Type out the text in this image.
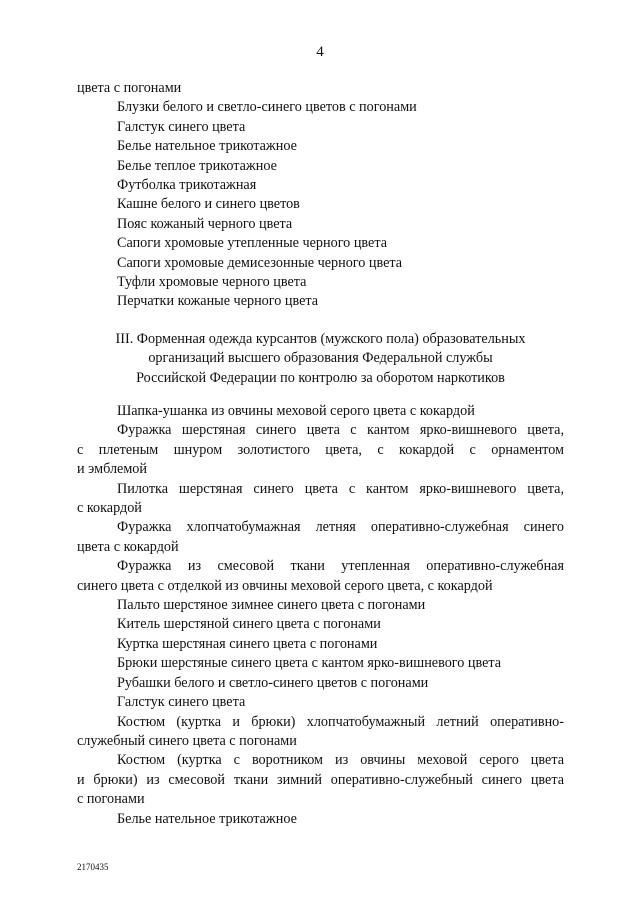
4

цвета с погонами

Блузки белого и светло-синего цветов с погонами

Галстук синего цвета

Белье нательное трикотажное

Белье теплое трикотажное

Футболка трикотажная

Кашне белого и синего цветов

Пояс кожаный черного цвета

Сапоги хромовые утепленные черного цвета

Сапоги хромовые демисезонные черного цвета

Туфли хромовые черного цвета

Перчатки кожаные черного цвета

III. Форменная одежда курсантов (мужского пола) образовательных
организаций высшего образования Федеральной службы
Российской Федерации по контролю за оборотом наркотиков

Шапка-ушанка из овчины меховой серого цвета с кокардой

Фуражка шерстяная синего цвета с кантом ярко-вишневого цвета,

с плетеным шнуром золотистого цвета, с кокардой с орнаментом

и эмблемой

Пилотка шерстяная синего цвета с кантом ярко-вишневого цвета,

с кокардой

Фуражка хлопчатобумажная летняя оперативно-служебная синего

цвета с кокардой

Фуражка из смесовой ткани утепленная оперативно-служебная

синего цвета с отделкой из овчины меховой серого цвета, с кокардой

Пальто шерстяное зимнее синего цвета с погонами

Китель шерстяной синего цвета с погонами

Куртка шерстяная синего цвета с погонами

Брюки шерстяные синего цвета с кантом ярко-вишневого цвета

Рубашки белого и светло-синего цветов с погонами

Галстук синего цвета

Костюм (куртка и брюки) хлопчатобумажный летний оперативно-

служебный синего цвета с погонами

Костюм (куртка с воротником из овчины меховой серого цвета

и брюки) из смесовой ткани зимний оперативно-служебный синего цвета

с погонами

Белье нательное трикотажное

2170435
